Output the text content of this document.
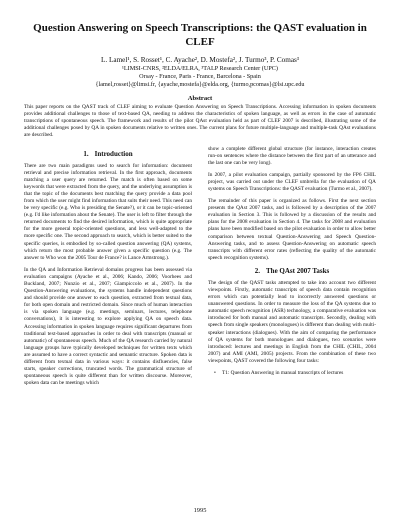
Question Answering on Speech Transcriptions: the QAST evaluation in CLEF
L. Lamel¹, S. Rosset¹, C. Ayache², D. Mostefa², J. Turmo³, P. Comas³
¹LIMSI-CNRS, ²ELDA/ELRA, ³TALP Research Center (UPC)
Orsay - France, Paris - France, Barcelona - Spain
{lamel,rosset}@limsi.fr, {ayache,mostefa}@elda.org, {turmo,pcomas}@lsi.upc.edu
Abstract
This paper reports on the QAST track of CLEF aiming to evaluate Question Answering on Speech Transcriptions. Accessing information in spoken documents provides additional challenges to those of text-based QA, needing to address the characteristics of spoken language, as well as errors in the case of automatic transcriptions of spontaneous speech. The framework and results of the pilot QAst evaluation held as part of CLEF 2007 is described, illustrating some of the additional challenges posed by QA in spoken documents relative to written ones. The current plans for future multiple-language and multiple-task QAst evaluations are described.
1. Introduction

There are two main paradigms used to search for information: document retrieval and precise information retrieval. In the first approach, documents matching a user query are returned. The match is often based on some keywords that were extracted from the query, and the underlying assumption is that the topic of the documents best matching the query provide a data pool from which the user might find information that suits their need. This need can be very specific (e.g. Who is presiding the Senate?), or it can be topic-oriented (e.g. I'd like information about the Senate). The user is left to filter through the returned documents to find the desired information, which is quite appropriate for the more general topic-oriented questions, and less well-adapted to the more specific one. The second approach to search, which is better suited to the specific queries, is embodied by so-called question answering (QA) systems, which return the most probable answer given a specific question (e.g. The answer to Who won the 2005 Tour de France? is Lance Armstrong.).

In the QA and Information Retrieval domains progress has been assessed via evaluation campaigns (Ayache et al., 2006; Kando, 2006; Voorhees and Buckland, 2007; Nunzio et al., 2007; Giampiccolo et al., 2007). In the Question-Answering evaluations, the systems handle independent questions and should provide one answer to each question, extracted from textual data, for both open domain and restricted domain. Since much of human interaction is via spoken language (e.g. meetings, seminars, lectures, telephone conversations), it is interesting to explore applying QA on speech data. Accessing information in spoken language requires significant departures from traditional text-based approaches in order to deal with transcripts (manual or automatic) of spontaneous speech. Much of the QA research carried by natural language groups have typically developed techniques for written texts which are assumed to have a correct syntactic and semantic structure. Spoken data is different from textual data in various ways: it contains disfluencies, false starts, speaker corrections, truncated words. The grammatical structure of spontaneous speech is quite different than for written discourse. Moreover, spoken data can be meetings which

show a complete different global structure (for instance, interaction creates run-on sentences where the distance between the first part of an utterance and the last one can be very long).

In 2007, a pilot evaluation campaign, partially sponsored by the FP6 CHIL project, was carried out under the CLEF umbrella for the evaluation of QA systems on Speech Transcriptions: the QAST evaluation (Turmo et al., 2007).

The remainder of this paper is organized as follows. First the next section presents the QAst 2007 tasks, and is followed by a description of the 2007 evaluation in Section 3. This is followed by a discussion of the results and plans for the 2008 evaluation in Section 4. The tasks for 2008 and evaluation plans have been modified based on the pilot evaluation in order to allow better comparison between textual Question-Answering and Speech Question-Answering tasks, and to assess Question-Answering on automatic speech transcripts with different error rates (reflecting the quality of the automatic speech recognition systems).

2. The QAst 2007 Tasks

The design of the QAST tasks attempted to take into account two different viewpoints. Firstly, automatic transcripts of speech data contain recognition errors which can potentially lead to incorrectly answered questions or unanswered questions. In order to measure the loss of the QA systems due to automatic speech recognition (ASR) technology, a comparative evaluation was introduced for both manual and automatic transcripts. Secondly, dealing with speech from single speakers (monologues) is different than dealing with multi-speaker interactions (dialogues). With the aim of comparing the performance of QA systems for both monologues and dialogues, two scenarios were introduced: lectures and meetings in English from the CHIL (CHIL, 2004 2007) and AMI (AMI, 2005) projects. From the combination of these two viewpoints, QAST covered the following four tasks:

•	T1: Question Answering in manual transcripts of lectures
1995
